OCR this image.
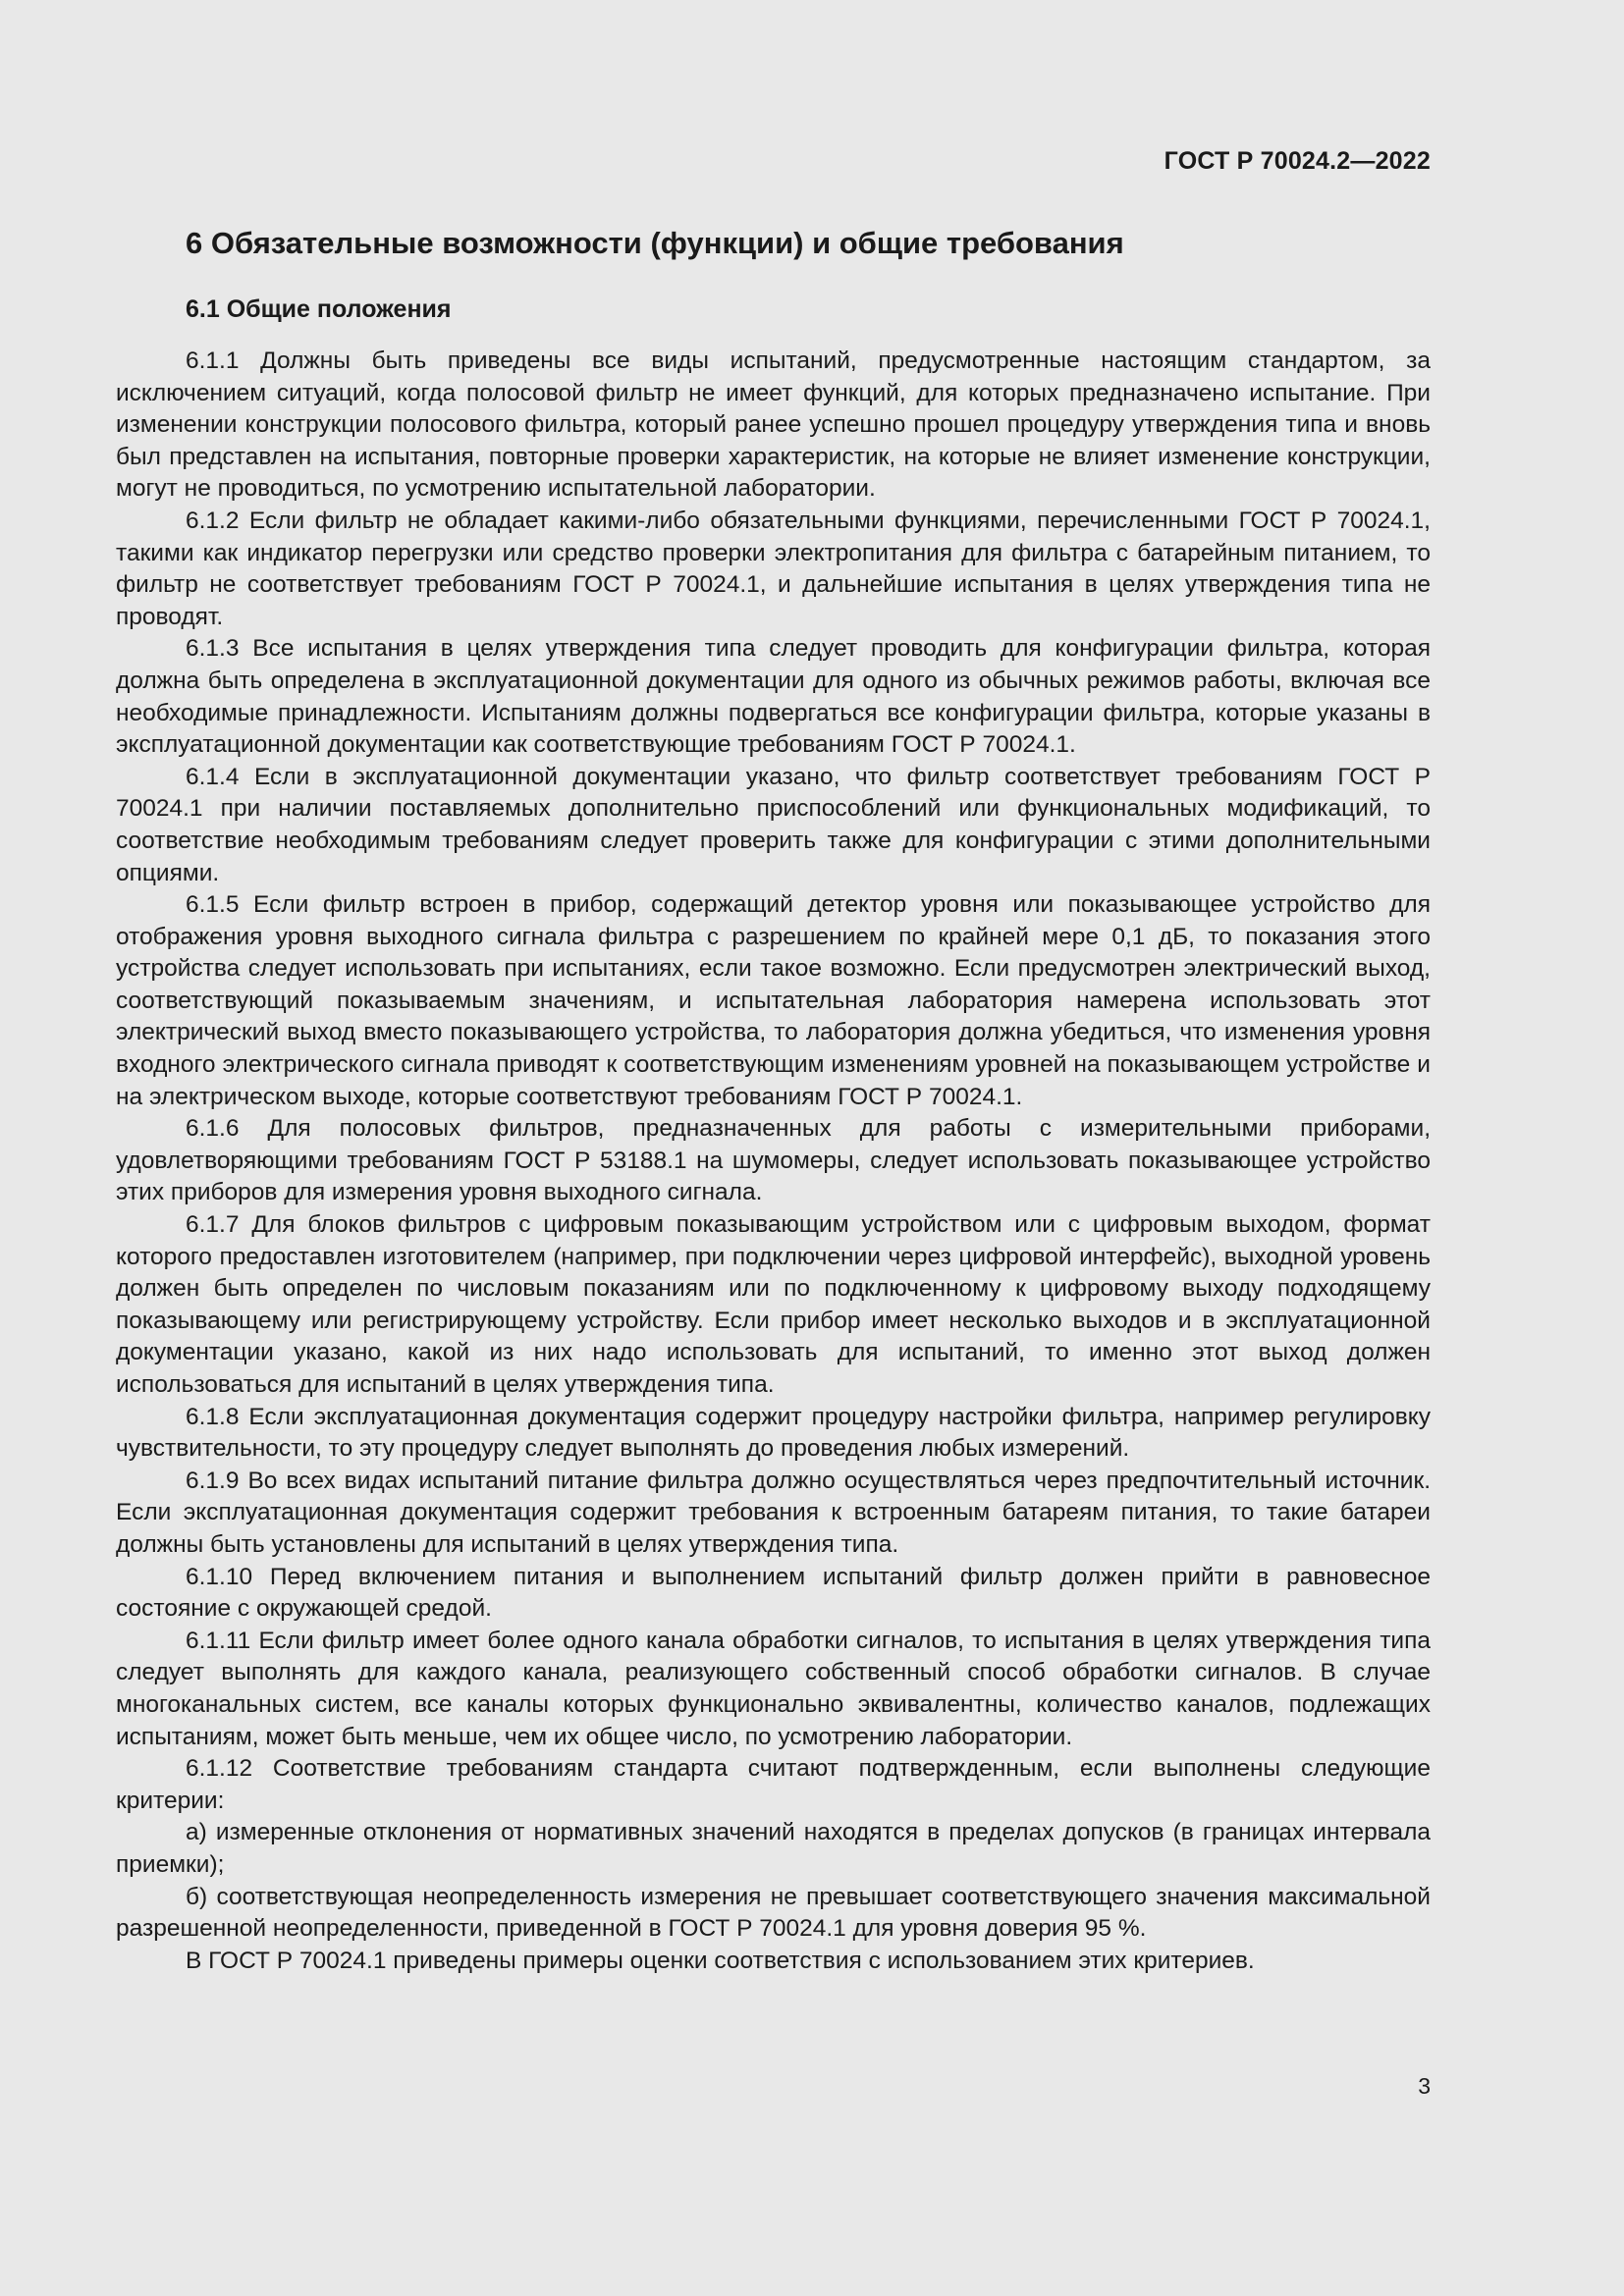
ГОСТ Р 70024.2—2022
6 Обязательные возможности (функции) и общие требования
6.1 Общие положения

6.1.1 Должны быть приведены все виды испытаний, предусмотренные настоящим стандартом, за исключением ситуаций, когда полосовой фильтр не имеет функций, для которых предназначено испытание. При изменении конструкции полосового фильтра, который ранее успешно прошел процедуру утверждения типа и вновь был представлен на испытания, повторные проверки характеристик, на которые не влияет изменение конструкции, могут не проводиться, по усмотрению испытательной лаборатории.

6.1.2 Если фильтр не обладает какими-либо обязательными функциями, перечисленными ГОСТ Р 70024.1, такими как индикатор перегрузки или средство проверки электропитания для фильтра с батарейным питанием, то фильтр не соответствует требованиям ГОСТ Р 70024.1, и дальнейшие испытания в целях утверждения типа не проводят.

6.1.3 Все испытания в целях утверждения типа следует проводить для конфигурации фильтра, которая должна быть определена в эксплуатационной документации для одного из обычных режимов работы, включая все необходимые принадлежности. Испытаниям должны подвергаться все конфигурации фильтра, которые указаны в эксплуатационной документации как соответствующие требованиям ГОСТ Р 70024.1.

6.1.4 Если в эксплуатационной документации указано, что фильтр соответствует требованиям ГОСТ Р 70024.1 при наличии поставляемых дополнительно приспособлений или функциональных модификаций, то соответствие необходимым требованиям следует проверить также для конфигурации с этими дополнительными опциями.

6.1.5 Если фильтр встроен в прибор, содержащий детектор уровня или показывающее устройство для отображения уровня выходного сигнала фильтра с разрешением по крайней мере 0,1 дБ, то показания этого устройства следует использовать при испытаниях, если такое возможно. Если предусмотрен электрический выход, соответствующий показываемым значениям, и испытательная лаборатория намерена использовать этот электрический выход вместо показывающего устройства, то лаборатория должна убедиться, что изменения уровня входного электрического сигнала приводят к соответствующим изменениям уровней на показывающем устройстве и на электрическом выходе, которые соответствуют требованиям ГОСТ Р 70024.1.

6.1.6 Для полосовых фильтров, предназначенных для работы с измерительными приборами, удовлетворяющими требованиям ГОСТ Р 53188.1 на шумомеры, следует использовать показывающее устройство этих приборов для измерения уровня выходного сигнала.

6.1.7 Для блоков фильтров с цифровым показывающим устройством или с цифровым выходом, формат которого предоставлен изготовителем (например, при подключении через цифровой интерфейс), выходной уровень должен быть определен по числовым показаниям или по подключенному к цифровому выходу подходящему показывающему или регистрирующему устройству. Если прибор имеет несколько выходов и в эксплуатационной документации указано, какой из них надо использовать для испытаний, то именно этот выход должен использоваться для испытаний в целях утверждения типа.

6.1.8 Если эксплуатационная документация содержит процедуру настройки фильтра, например регулировку чувствительности, то эту процедуру следует выполнять до проведения любых измерений.

6.1.9 Во всех видах испытаний питание фильтра должно осуществляться через предпочтительный источник. Если эксплуатационная документация содержит требования к встроенным батареям питания, то такие батареи должны быть установлены для испытаний в целях утверждения типа.

6.1.10 Перед включением питания и выполнением испытаний фильтр должен прийти в равновесное состояние с окружающей средой.

6.1.11 Если фильтр имеет более одного канала обработки сигналов, то испытания в целях утверждения типа следует выполнять для каждого канала, реализующего собственный способ обработки сигналов. В случае многоканальных систем, все каналы которых функционально эквивалентны, количество каналов, подлежащих испытаниям, может быть меньше, чем их общее число, по усмотрению лаборатории.

6.1.12 Соответствие требованиям стандарта считают подтвержденным, если выполнены следующие критерии:

а) измеренные отклонения от нормативных значений находятся в пределах допусков (в границах интервала приемки);

б) соответствующая неопределенность измерения не превышает соответствующего значения максимальной разрешенной неопределенности, приведенной в ГОСТ Р 70024.1 для уровня доверия 95 %.

В ГОСТ Р 70024.1 приведены примеры оценки соответствия с использованием этих критериев.

3
